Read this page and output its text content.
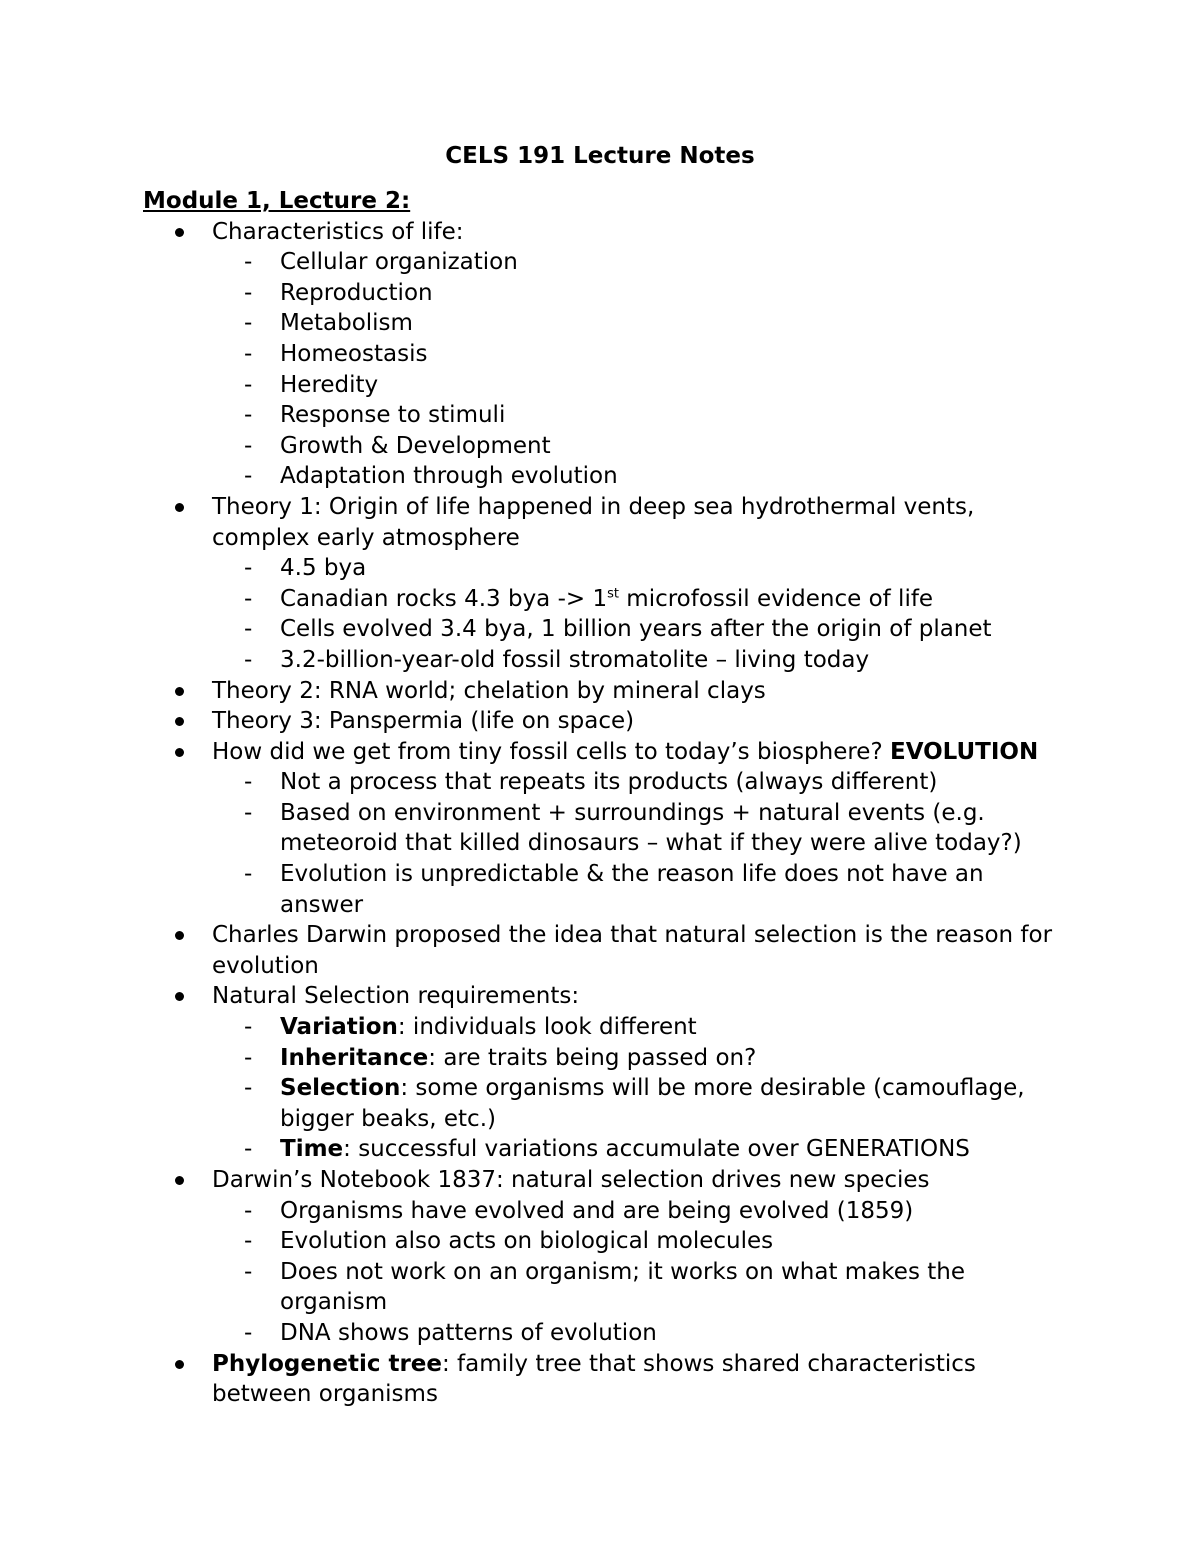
CELS 191 Lecture Notes

Module 1, Lecture 2:

Characteristics of life:
- Cellular organization
- Reproduction
- Metabolism
- Homeostasis
- Heredity
- Response to stimuli
- Growth & Development
- Adaptation through evolution
Theory 1: Origin of life happened in deep sea hydrothermal vents, complex early atmosphere
- 4.5 bya
- Canadian rocks 4.3 bya -> 1st microfossil evidence of life
- Cells evolved 3.4 bya, 1 billion years after the origin of planet
- 3.2-billion-year-old fossil stromatolite – living today
Theory 2: RNA world; chelation by mineral clays
Theory 3: Panspermia (life on space)
How did we get from tiny fossil cells to today’s biosphere? EVOLUTION
- Not a process that repeats its products (always different)
- Based on environment + surroundings + natural events (e.g. meteoroid that killed dinosaurs – what if they were alive today?)
- Evolution is unpredictable & the reason life does not have an answer
Charles Darwin proposed the idea that natural selection is the reason for evolution
Natural Selection requirements:
- Variation: individuals look different
- Inheritance: are traits being passed on?
- Selection: some organisms will be more desirable (camouflage, bigger beaks, etc.)
- Time: successful variations accumulate over GENERATIONS
Darwin’s Notebook 1837: natural selection drives new species
- Organisms have evolved and are being evolved (1859)
- Evolution also acts on biological molecules
- Does not work on an organism; it works on what makes the organism
- DNA shows patterns of evolution
Phylogenetic tree: family tree that shows shared characteristics between organisms
